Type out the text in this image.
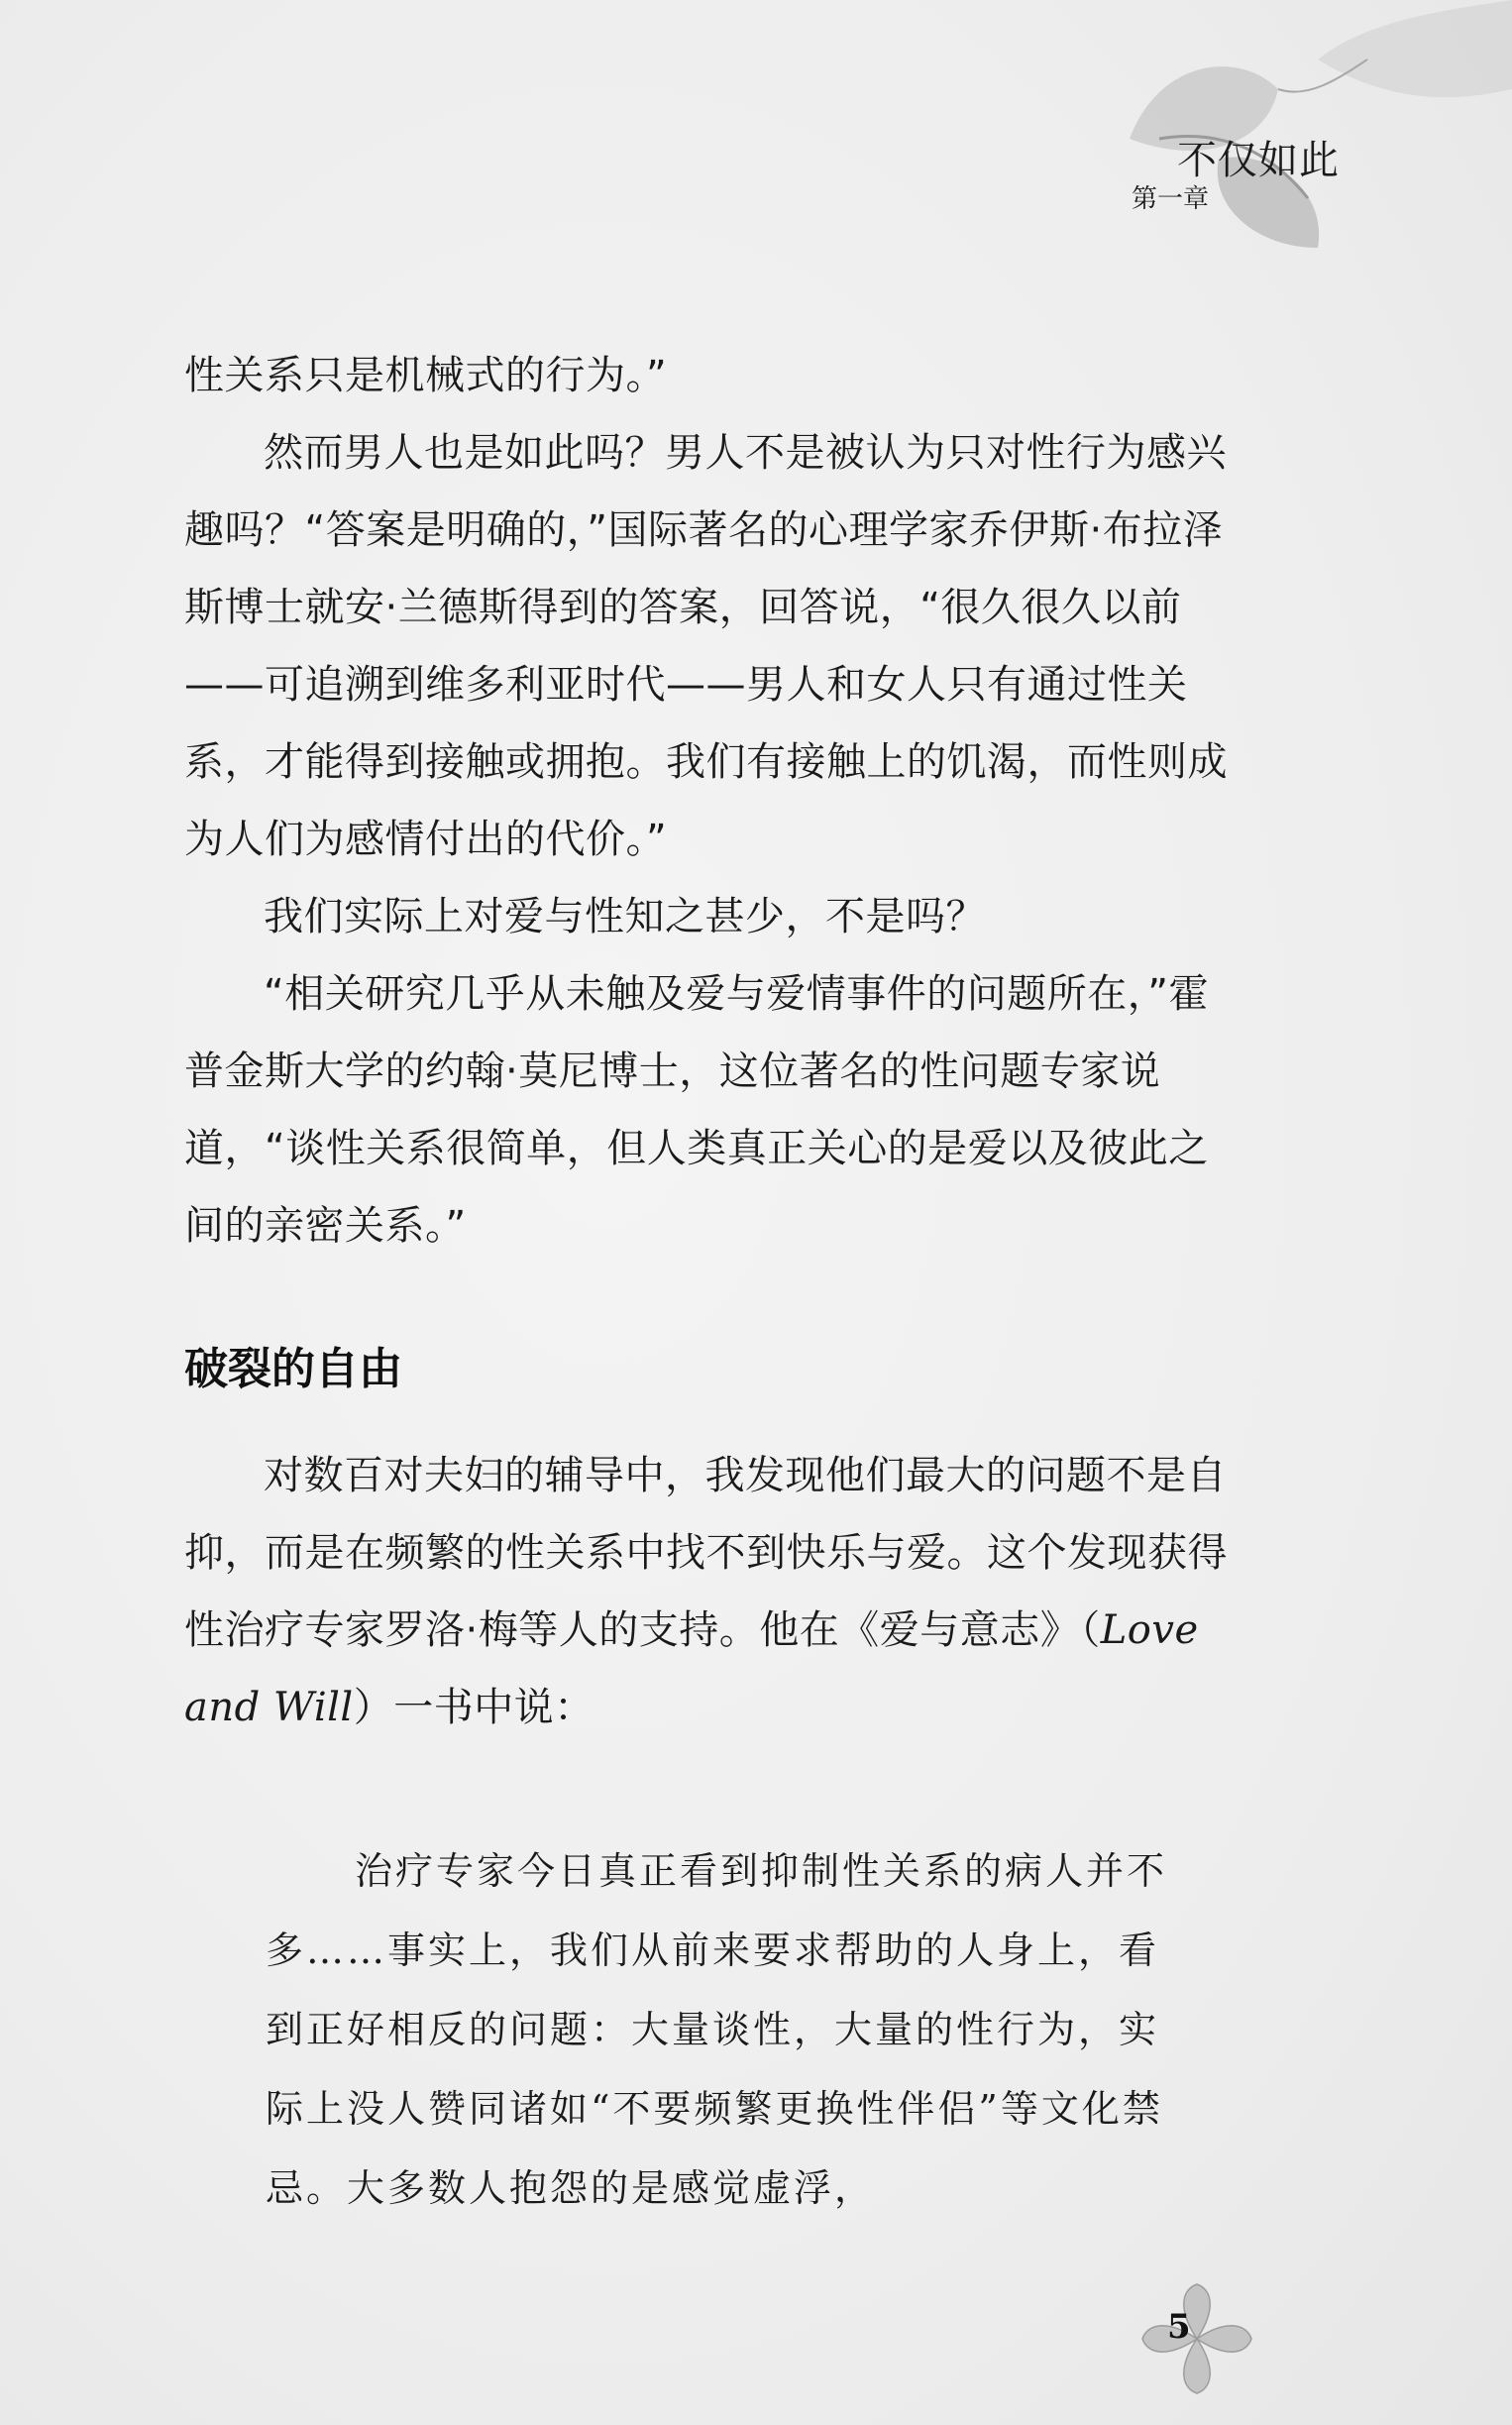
不仅如此
第一章

性关系只是机械式的行为。”

然而男人也是如此吗？男人不是被认为只对性行为感兴趣吗？“答案是明确的，”国际著名的心理学家乔伊斯·布拉泽斯博士就安·兰德斯得到的答案，回答说，“很久很久以前——可追溯到维多利亚时代——男人和女人只有通过性关系，才能得到接触或拥抱。我们有接触上的饥渴，而性则成为人们为感情付出的代价。”

我们实际上对爱与性知之甚少，不是吗？

“相关研究几乎从未触及爱与爱情事件的问题所在，”霍普金斯大学的约翰·莫尼博士，这位著名的性问题专家说道，“谈性关系很简单，但人类真正关心的是爱以及彼此之间的亲密关系。”

破裂的自由

对数百对夫妇的辅导中，我发现他们最大的问题不是自抑，而是在频繁的性关系中找不到快乐与爱。这个发现获得性治疗专家罗洛·梅等人的支持。他在《爱与意志》（Love and Will）一书中说：

治疗专家今日真正看到抑制性关系的病人并不多……事实上，我们从前来要求帮助的人身上，看到正好相反的问题：大量谈性，大量的性行为，实际上没人赞同诸如“不要频繁更换性伴侣”等文化禁忌。大多数人抱怨的是感觉虚浮，

5
